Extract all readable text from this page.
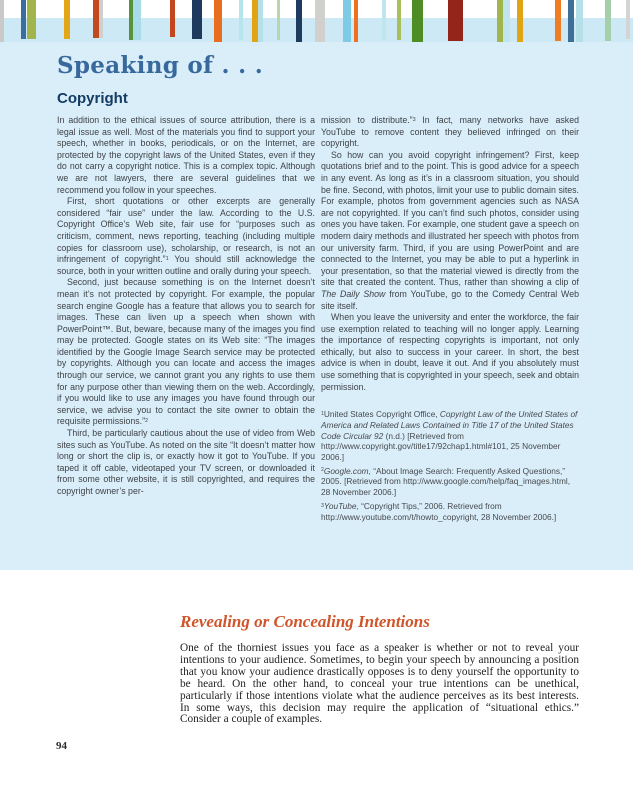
Speaking of . . .
Copyright

In addition to the ethical issues of source attribution, there is a legal issue as well. Most of the materials you find to support your speech, whether in books, periodicals, or on the Internet, are protected by the copyright laws of the United States, even if they do not carry a copyright notice. This is a complex topic. Although we are not lawyers, there are several guidelines that we recommend you follow in your speeches.

First, short quotations or other excerpts are generally considered “fair use” under the law. According to the U.S. Copyright Office’s Web site, fair use for “purposes such as criticism, comment, news reporting, teaching (including multiple copies for classroom use), scholarship, or research, is not an infringement of copyright.”$^1$ You should still acknowledge the source, both in your written outline and orally during your speech.

Second, just because something is on the Internet doesn’t mean it’s not protected by copyright. For example, the popular search engine Google has a feature that allows you to search for images. These can liven up a speech when shown with PowerPoint™. But, beware, because many of the images you find may be protected. Google states on its Web site: “The images identified by the Google Image Search service may be protected by copyrights. Although you can locate and access the images through our service, we cannot grant you any rights to use them for any purpose other than viewing them on the web. Accordingly, if you would like to use any images you have found through our service, we advise you to contact the site owner to obtain the requisite permissions.”$^2$

Third, be particularly cautious about the use of video from Web sites such as YouTube. As noted on the site “It doesn’t matter how long or short the clip is, or exactly how it got to YouTube. If you taped it off cable, videotaped your TV screen, or downloaded it from some other website, it is still copyrighted, and requires the copyright owner’s per-

mission to distribute.”$^3$ In fact, many networks have asked YouTube to remove content they believed infringed on their copyright.

So how can you avoid copyright infringement? First, keep quotations brief and to the point. This is good advice for a speech in any event. As long as it’s in a classroom situation, you should be fine. Second, with photos, limit your use to public domain sites. For example, photos from government agencies such as NASA are not copyrighted. If you can’t find such photos, consider using ones you have taken. For example, one student gave a speech on modern dairy methods and illustrated her speech with photos from our university farm. Third, if you are using PowerPoint and are connected to the Internet, you may be able to put a hyperlink in your presentation, so that the material viewed is directly from the site that created the content. Thus, rather than showing a clip of The Daily Show from YouTube, go to the Comedy Central Web site itself.

When you leave the university and enter the workforce, the fair use exemption related to teaching will no longer apply. Learning the importance of respecting copyrights is important, not only ethically, but also to success in your career. In short, the best advice is when in doubt, leave it out. And if you absolutely must use something that is copyrighted in your speech, seek and obtain permission.

$^1$United States Copyright Office, Copyright Law of the United States of America and Related Laws Contained in Title 17 of the United States Code Circular 92 (n.d.) [Retrieved from http://www.copyright.gov/title17/92chap1.html#101, 25 November 2006.]

$^2$Google.com, “About Image Search: Frequently Asked Questions,” 2005. [Retrieved from http://www.google.com/help/faq_images.html, 28 November 2006.]

$^3$YouTube, “Copyright Tips,” 2006. Retrieved from http://www.youtube.com/t/howto_copyright, 28 November 2006.]

Revealing or Concealing Intentions

One of the thorniest issues you face as a speaker is whether or not to reveal your intentions to your audience. Sometimes, to begin your speech by announcing a position that you know your audience drastically opposes is to deny yourself the opportunity to be heard. On the other hand, to conceal your true intentions can be unethical, particularly if those intentions violate what the audience perceives as its best interests. In some ways, this decision may require the application of “situational ethics.” Consider a couple of examples.

94
